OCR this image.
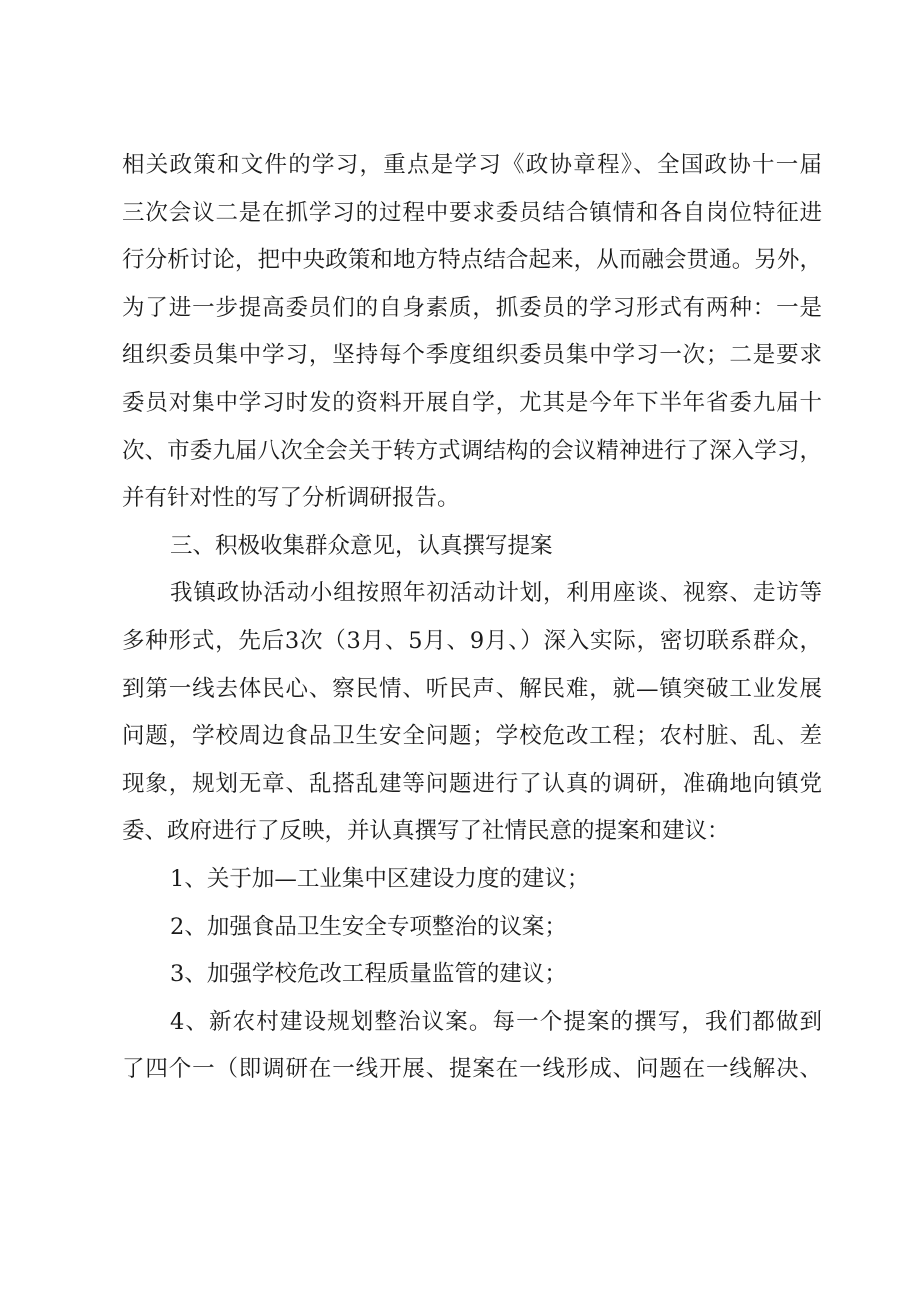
相关政策和文件的学习，重点是学习《政协章程》、全国政协十一届
三次会议二是在抓学习的过程中要求委员结合镇情和各自岗位特征进
行分析讨论，把中央政策和地方特点结合起来，从而融会贯通。另外，
为了进一步提高委员们的自身素质，抓委员的学习形式有两种：一是
组织委员集中学习，坚持每个季度组织委员集中学习一次；二是要求
委员对集中学习时发的资料开展自学，尤其是今年下半年省委九届十
次、市委九届八次全会关于转方式调结构的会议精神进行了深入学习，
并有针对性的写了分析调研报告。
三、积极收集群众意见，认真撰写提案
我镇政协活动小组按照年初活动计划，利用座谈、视察、走访等
多种形式，先后3次（3月、5月、9月、）深入实际，密切联系群众，
到第一线去体民心、察民情、听民声、解民难，就—镇突破工业发展
问题，学校周边食品卫生安全问题；学校危改工程；农村脏、乱、差
现象，规划无章、乱搭乱建等问题进行了认真的调研，准确地向镇党
委、政府进行了反映，并认真撰写了社情民意的提案和建议：
1、关于加—工业集中区建设力度的建议；
2、加强食品卫生安全专项整治的议案；
3、加强学校危改工程质量监管的建议；
4、新农村建设规划整治议案。每一个提案的撰写，我们都做到
了四个一（即调研在一线开展、提案在一线形成、问题在一线解决、
